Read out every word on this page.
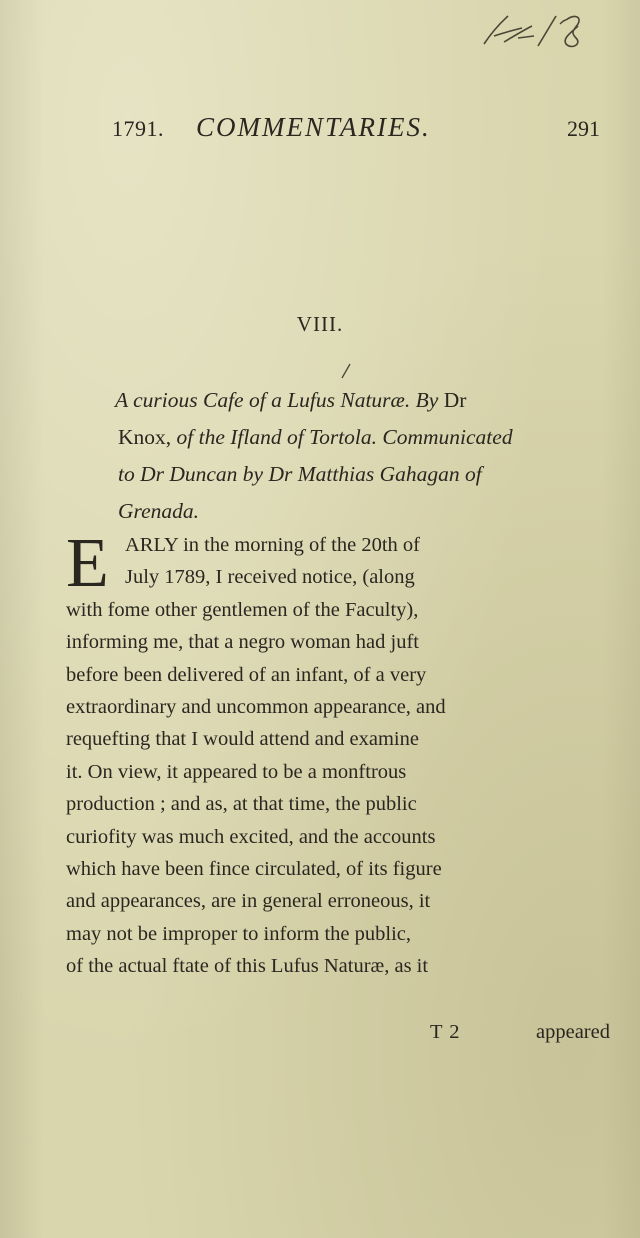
1791. COMMENTARIES.	291
VIII.
A curious Cafe of a Lufus Naturæ. By Dr
Knox, of the Ifland of Tortola. Communicated
to Dr Duncan by Dr Matthias Gahagan of
Grenada.
E ARLY in the morning of the 20th of
July 1789, I received notice, (along
with fome other gentlemen of the Faculty),
informing me, that a negro woman had juft
before been delivered of an infant, of a very
extraordinary and uncommon appearance, and
requefting that I would attend and examine
it. On view, it appeared to be a monftrous
production ; and as, at that time, the public
curiofity was much excited, and the accounts
which have been fince circulated, of its figure
and appearances, are in general erroneous, it
may not be improper to inform the public,
of the actual ftate of this Lufus Naturæ, as it
T 2	appeared
